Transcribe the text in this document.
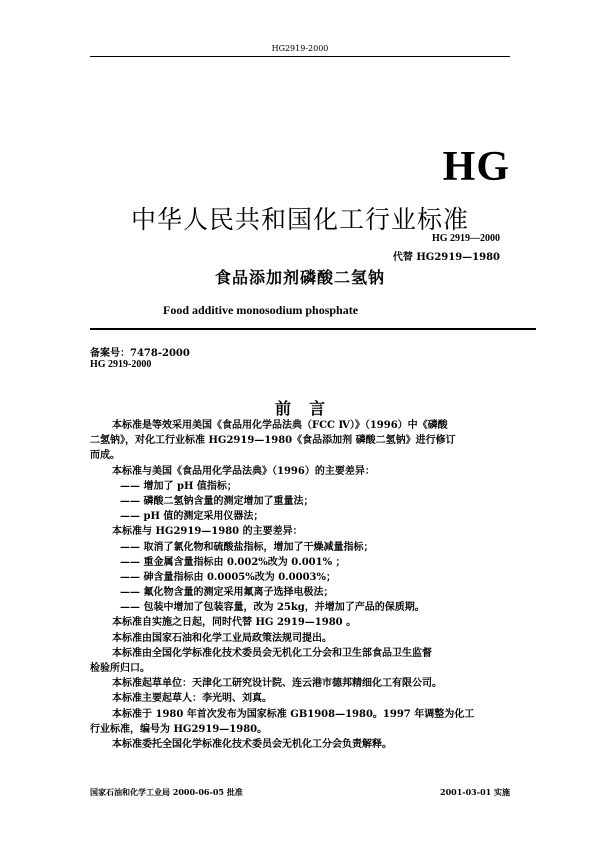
HG2919-2000
HG
中华人民共和国化工行业标准
HG 2919—2000
代替 HG2919—1980
食品添加剂磷酸二氢钠
Food additive monosodium phosphate
备案号：7478-2000
HG 2919-2000
前言
本标准是等效采用美国《食品用化学品法典（FCC Ⅳ）》（1996）中《磷酸
二氢钠》，对化工行业标准 HG2919—1980《食品添加剂 磷酸二氢钠》进行修订
而成。
本标准与美国《食品用化学品法典》（1996）的主要差异：
—— 增加了 pH 值指标；
—— 磷酸二氢钠含量的测定增加了重量法；
—— pH 值的测定采用仪器法；
本标准与 HG2919—1980 的主要差异：
—— 取消了氯化物和硫酸盐指标，增加了干燥减量指标；
—— 重金属含量指标由 0.002%改为 0.001% ；
—— 砷含量指标由 0.0005%改为 0.0003%；
—— 氟化物含量的测定采用氟离子选择电极法；
—— 包装中增加了包装容量，改为 25kg，并增加了产品的保质期。
本标准自实施之日起，同时代替 HG 2919—1980 。
本标准由国家石油和化学工业局政策法规司提出。
本标准由全国化学标准化技术委员会无机化工分会和卫生部食品卫生监督
检验所归口。
本标准起草单位：天津化工研究设计院、连云港市德邦精细化工有限公司。
本标准主要起草人：李光明、刘真。
本标准于 1980 年首次发布为国家标准 GB1908—1980。1997 年调整为化工
行业标准，编号为 HG2919—1980。
本标准委托全国化学标准化技术委员会无机化工分会负责解释。
国家石油和化学工业局 2000-06-05 批准	2001-03-01 实施
